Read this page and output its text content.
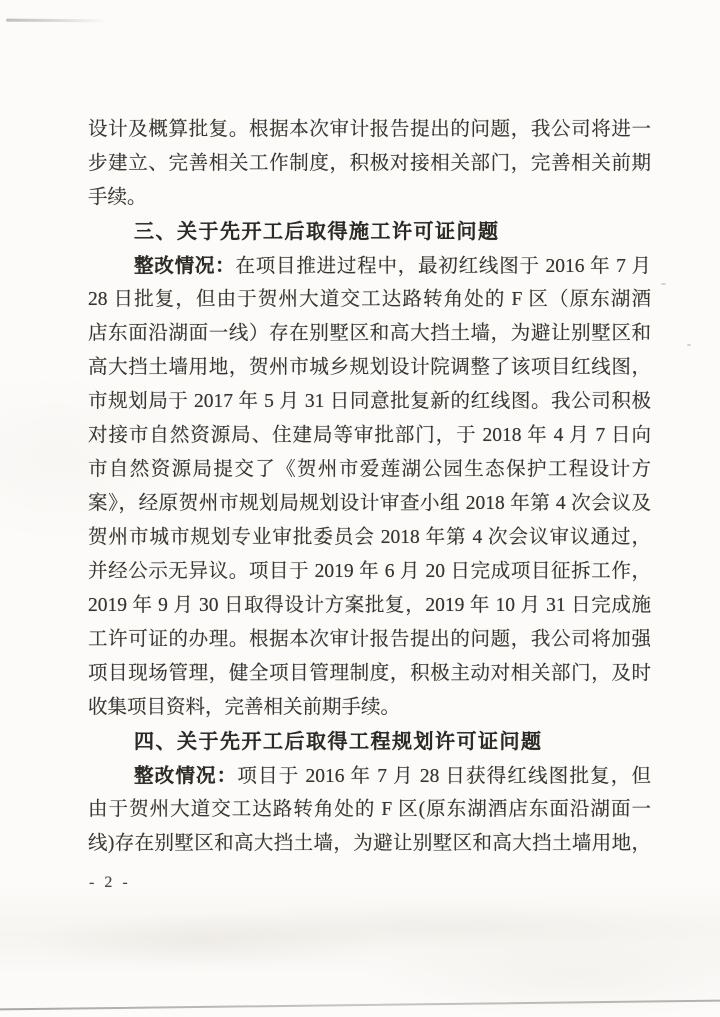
设计及概算批复。根据本次审计报告提出的问题，我公司将进一

步建立、完善相关工作制度，积极对接相关部门，完善相关前期

手续。

三、关于先开工后取得施工许可证问题

整改情况：在项目推进过程中，最初红线图于 2016 年 7 月

28 日批复，但由于贺州大道交工达路转角处的 F 区（原东湖酒

店东面沿湖面一线）存在别墅区和高大挡土墙，为避让别墅区和

高大挡土墙用地，贺州市城乡规划设计院调整了该项目红线图，

市规划局于 2017 年 5 月 31 日同意批复新的红线图。我公司积极

对接市自然资源局、住建局等审批部门，于 2018 年 4 月 7 日向

市自然资源局提交了《贺州市爱莲湖公园生态保护工程设计方

案》，经原贺州市规划局规划设计审查小组 2018 年第 4 次会议及

贺州市城市规划专业审批委员会 2018 年第 4 次会议审议通过，

并经公示无异议。项目于 2019 年 6 月 20 日完成项目征拆工作，

2019 年 9 月 30 日取得设计方案批复，2019 年 10 月 31 日完成施

工许可证的办理。根据本次审计报告提出的问题，我公司将加强

项目现场管理，健全项目管理制度，积极主动对相关部门，及时

收集项目资料，完善相关前期手续。

四、关于先开工后取得工程规划许可证问题

整改情况：项目于 2016 年 7 月 28 日获得红线图批复，但

由于贺州大道交工达路转角处的 F 区(原东湖酒店东面沿湖面一

线)存在别墅区和高大挡土墙，为避让别墅区和高大挡土墙用地，

- 2 -
